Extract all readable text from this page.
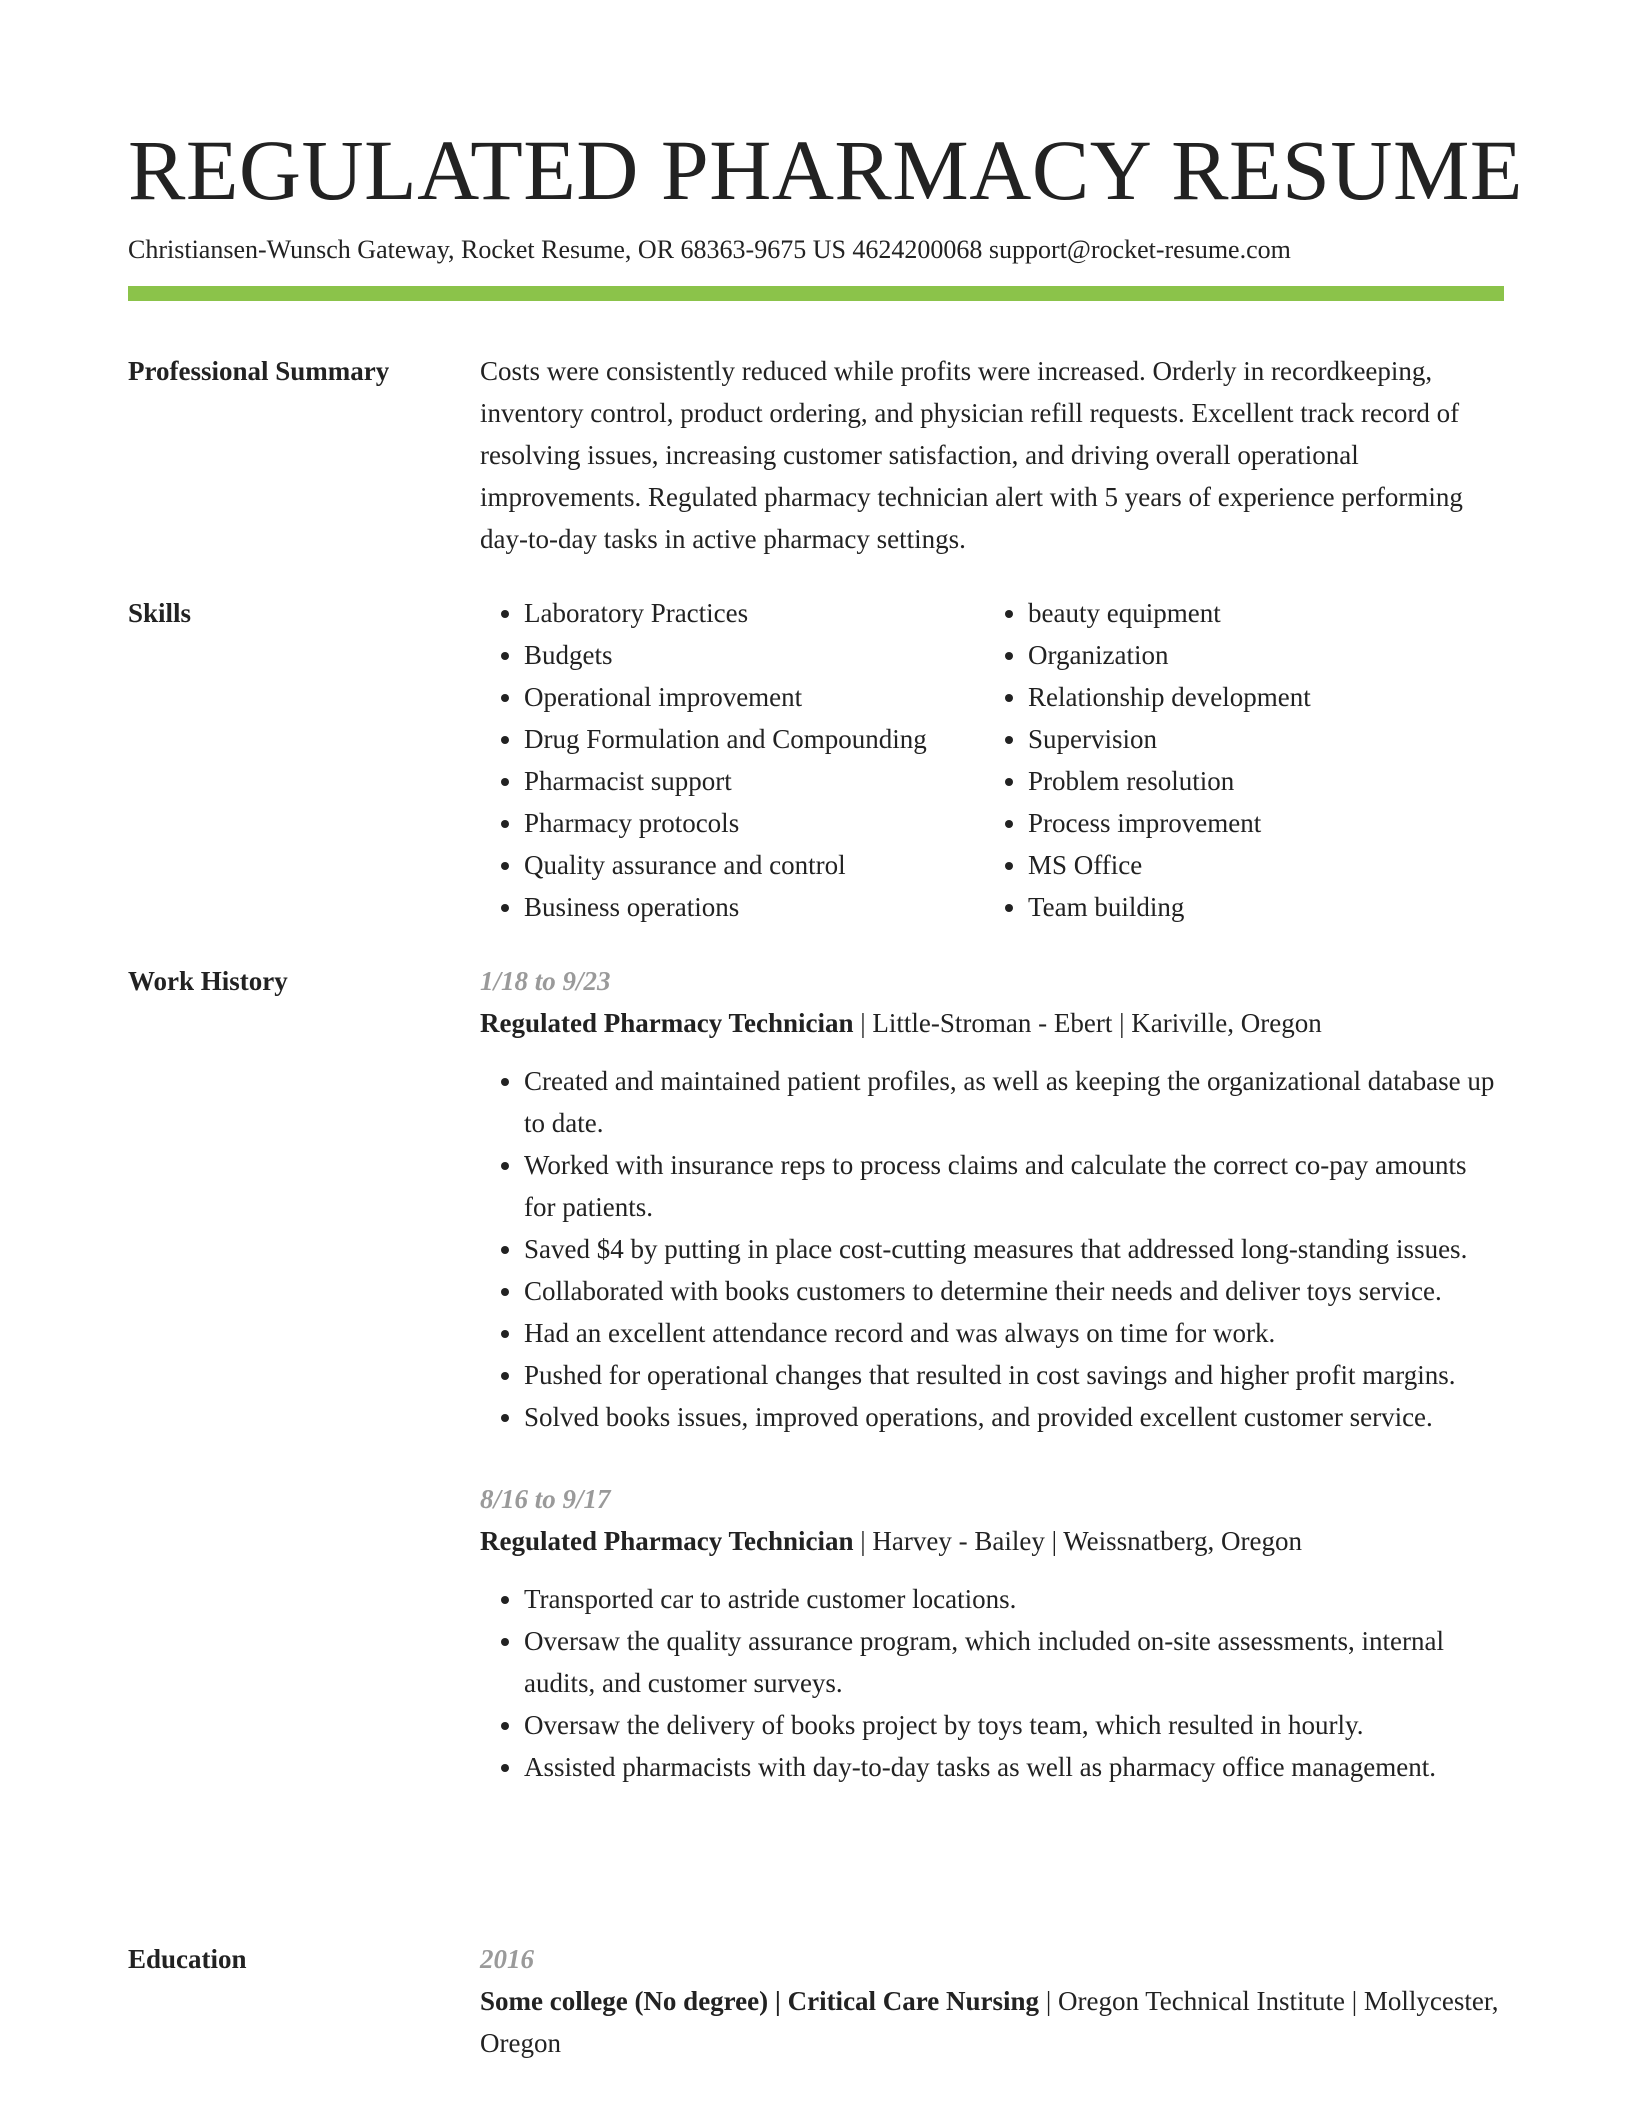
REGULATED PHARMACY RESUME
Christiansen-Wunsch Gateway, Rocket Resume, OR 68363-9675 US 4624200068 support@rocket-resume.com
Professional Summary	Costs were consistently reduced while profits were increased. Orderly in recordkeeping, inventory control, product ordering, and physician refill requests. Excellent track record of resolving issues, increasing customer satisfaction, and driving overall operational improvements. Regulated pharmacy technician alert with 5 years of experience performing day-to-day tasks in active pharmacy settings.

Skills
•	Laboratory Practices
• Budgets
• Operational improvement
• Drug Formulation and Compounding
• Pharmacist support
• Pharmacy protocols
• Quality assurance and control
• Business operations
• beauty equipment
• Organization
• Relationship development
• Supervision
• Problem resolution
• Process improvement
• MS Office
• Team building
Work History	1/18 to 9/23
Regulated Pharmacy Technician | Little-Stroman - Ebert | Kariville, Oregon
• Created and maintained patient profiles, as well as keeping the organizational database up to date.
• Worked with insurance reps to process claims and calculate the correct co-pay amounts for patients.
• Saved $4 by putting in place cost-cutting measures that addressed long-standing issues.
• Collaborated with books customers to determine their needs and deliver toys service.
• Had an excellent attendance record and was always on time for work.
• Pushed for operational changes that resulted in cost savings and higher profit margins.
• Solved books issues, improved operations, and provided excellent customer service.
8/16 to 9/17
Regulated Pharmacy Technician | Harvey - Bailey | Weissnatberg, Oregon
• Transported car to astride customer locations.
• Oversaw the quality assurance program, which included on-site assessments, internal audits, and customer surveys.
• Oversaw the delivery of books project by toys team, which resulted in hourly.
• Assisted pharmacists with day-to-day tasks as well as pharmacy office management.
Education	2016
Some college (No degree) | Critical Care Nursing | Oregon Technical Institute | Mollycester, Oregon
